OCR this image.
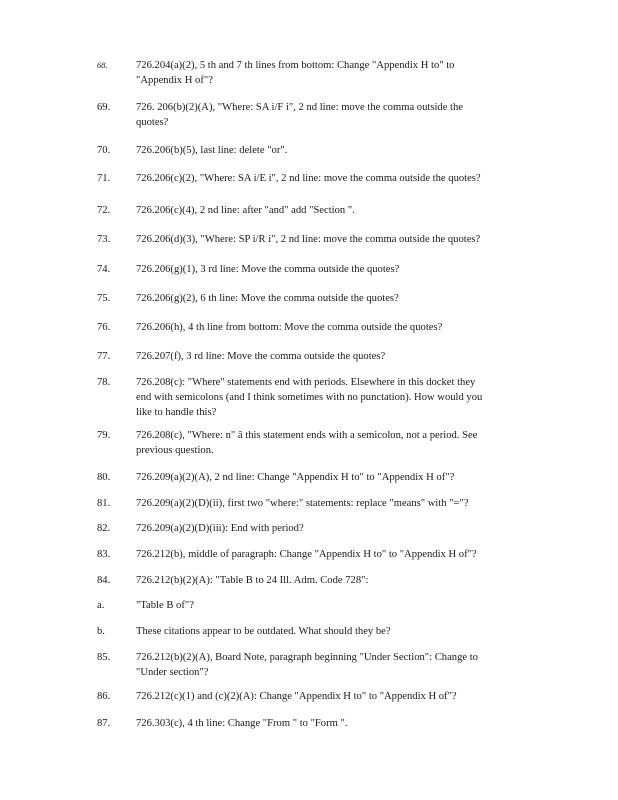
68.	726.204(a)(2), 5 th and 7 th lines from bottom: Change "Appendix H to" to

"Appendix H of"?

69. 726. 206(b)(2)(A), "Where: SA i/F i", 2 nd line: move the comma outside the

quotes?

70. 726.206(b)(5), last line: delete "or".

71. 726.206(c)(2), "Where: SA i/E i", 2 nd line: move the comma outside the quotes?

72. 726.206(c)(4), 2 nd line: after "and" add "Section ".

73. 726.206(d)(3), "Where: SP i/R i", 2 nd line: move the comma outside the quotes?

74. 726.206(g)(1), 3 rd line: Move the comma outside the quotes?

75. 726.206(g)(2), 6 th line: Move the comma outside the quotes?

76. 726.206(h), 4 th line from bottom: Move the comma outside the quotes?

77. 726.207(f), 3 rd line: Move the comma outside the quotes?

78. 726.208(c): "Where" statements end with periods. Elsewhere in this docket they

end with semicolons (and I think sometimes with no punctation). How would you

like to handle this?

79. 726.208(c), "Where: n" â this statement ends with a semicolon, not a period. See

previous question.

80. 726.209(a)(2)(A), 2 nd line: Change "Appendix H to" to "Appendix H of"?

81. 726.209(a)(2)(D)(ii), first two "where:" statements: replace "means" with "="?

82. 726.209(a)(2)(D)(iii): End with period?

83. 726.212(b), middle of paragraph: Change "Appendix H to" to "Appendix H of"?

84. 726.212(b)(2)(A): "Table B to 24 Ill. Adm. Code 728":

a.	"Table B of"?

b.	These citations appear to be outdated. What should they be?

85. 726.212(b)(2)(A), Board Note, paragraph beginning "Under Section": Change to

"Under section"?

86. 726.212(c)(1) and (c)(2)(A): Change "Appendix H to" to "Appendix H of"?

87. 726.303(c), 4 th line: Change "From " to "Form ".
